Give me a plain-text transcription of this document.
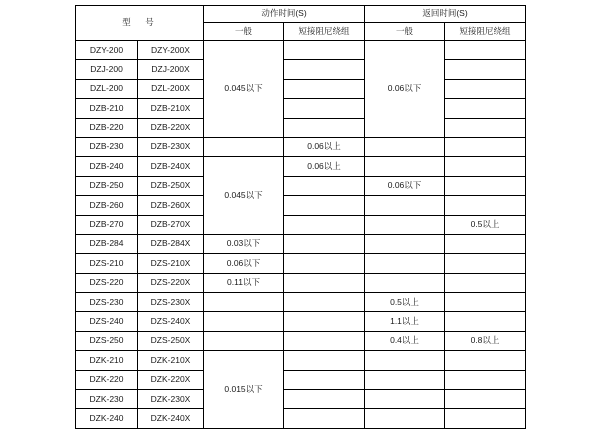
型　号		动作时间(S)		返回时间(S)	
		一般	短接阻尼绕组	一般	短接阻尼绕组
DZY-200	DZY-200X	0.045以下		0.06以下	
DZJ-200	DZJ-200X				
DZL-200	DZL-200X				
DZB-210	DZB-210X				
DZB-220	DZB-220X				
DZB-230	DZB-230X		0.06以上		
DZB-240	DZB-240X	0.045以下	0.06以上		
DZB-250	DZB-250X			0.06以下	
DZB-260	DZB-260X				
DZB-270	DZB-270X				0.5以上
DZB-284	DZB-284X	0.03以下			
DZS-210	DZS-210X	0.06以下			
DZS-220	DZS-220X	0.11以下			
DZS-230	DZS-230X			0.5以上	
DZS-240	DZS-240X			1.1以上	
DZS-250	DZS-250X			0.4以上	0.8以上
DZK-210	DZK-210X	0.015以下			
DZK-220	DZK-220X				
DZK-230	DZK-230X				
DZK-240	DZK-240X				
